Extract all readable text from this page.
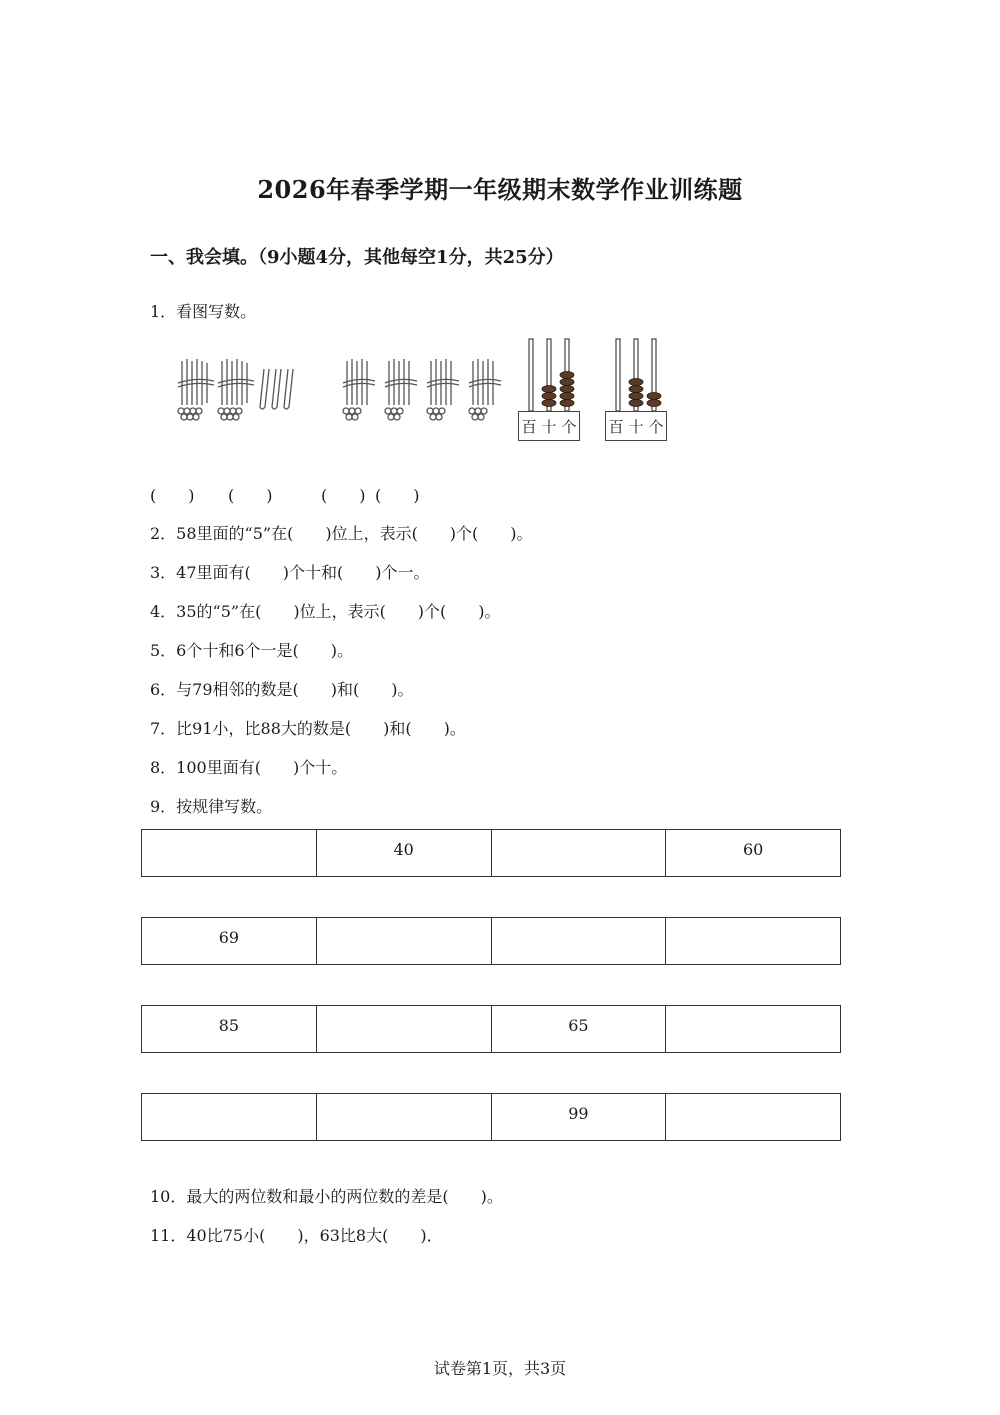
2026年春季学期一年级期末数学作业训练题
一、我会填。（9小题4分，其他每空1分，共25分）
1．看图写数。
百 十 个 百 十 个
(　　) (　　)	(　　) (　　)
2．58里面的“5”在(　　)位上，表示(　　)个(　　)。
3．47里面有(　　)个十和(　　)个一。
4．35的“5”在(　　)位上，表示(　　)个(　　)。
5．6个十和6个一是(　　)。
6．与79相邻的数是(　　)和(　　)。
7．比91小，比88大的数是(　　)和(　　)。
8．100里面有(　　)个十。
9．按规律写数。
	40		60
69			
85		65	
		99	
10．最大的两位数和最小的两位数的差是(　　)。
11．40比75小(　　)，63比8大(　　)．
试卷第1页，共3页
